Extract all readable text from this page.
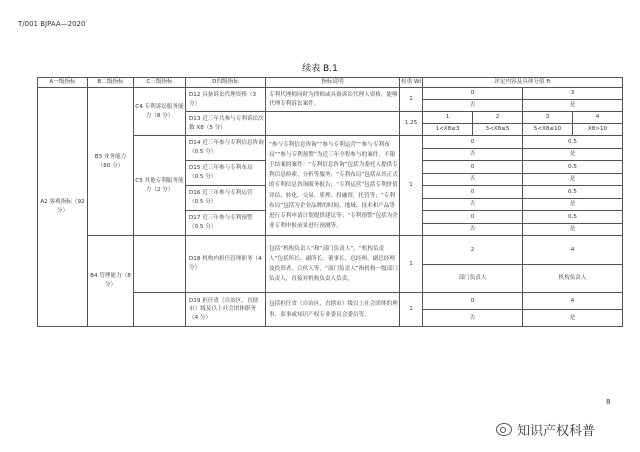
T/001 BJPAA—2020
续表 B.1
A一级指标	B二级指标	C三级指标	D四级指标	指标说明	权重 Wi	评定内容及具体分值 Fi			
A2 客观指标（92 分）	B3 业务能力（60 分）	C4 专利诉讼服务能力（8 分）	D12 具备诉讼代理资格（3 分）	专利代理师同时为律师或具备诉讼代理人资格，能够代理专利诉讼案件。	1	0		3	
						否		是	
			D13 近三年共参与专利诉讼次数 X8（5 分）		1.25	1	2	3	4
						1<X8≤3	3<X8≤5	5<X8≤10	X8>10
		C5 其他专利服务能力（2 分）	D14 近三年参与专利信息咨询（0.5 分）	“参与专利信息咨询”“参与专利运营”“参与专利布局”“参与专利预警”为近三年全程参与的案件，不限于结案的案件：“专利信息咨询”包括为委托人提供专利信息检索、分析等服务；“专利布局”包括从其正式的专利信息咨询服务报告；“专利运营”包括专利价值评估、转化、交易、质押、投融资、托管等；“专利布局”包括为企业品牌的时间、地域、技术和产品等进行专利申请计划提供建议等；“专利预警”包括为企业专利申报前景进行预测等。	1	0		0.5	
						否		是	

			D15 近三年参与专利布局（0.5 分）			0		0.5	
						否		是	

			D16 近三年参与专利运营（0.5 分）			0		0.5	
						否		是	

			D17 近三年参与专利预警（0.5 分）			0		0.5	
						否		是	

	B4 管理能力（8 分）		D18 机构内担任管理职务（4 分）	包括“机构负责人”和“部门负责人”，“机构负责人”包括所长、副所长、董事长、总经理、副总经理及投资者、合伙人等，“部门负责人”指机构一级部门负责人，直接对机构负责人负责。	1	2		4	
						部门负责人		机构负责人	

			D19 担任省（自治区、直辖市）级及以上社会团体职务（4 分）	包括担任省（自治区、直辖市）级以上社会团体的理事、监事或知识产权专业委员会委员等。	1	0		4	
						否		是	
8
知识产权科普
